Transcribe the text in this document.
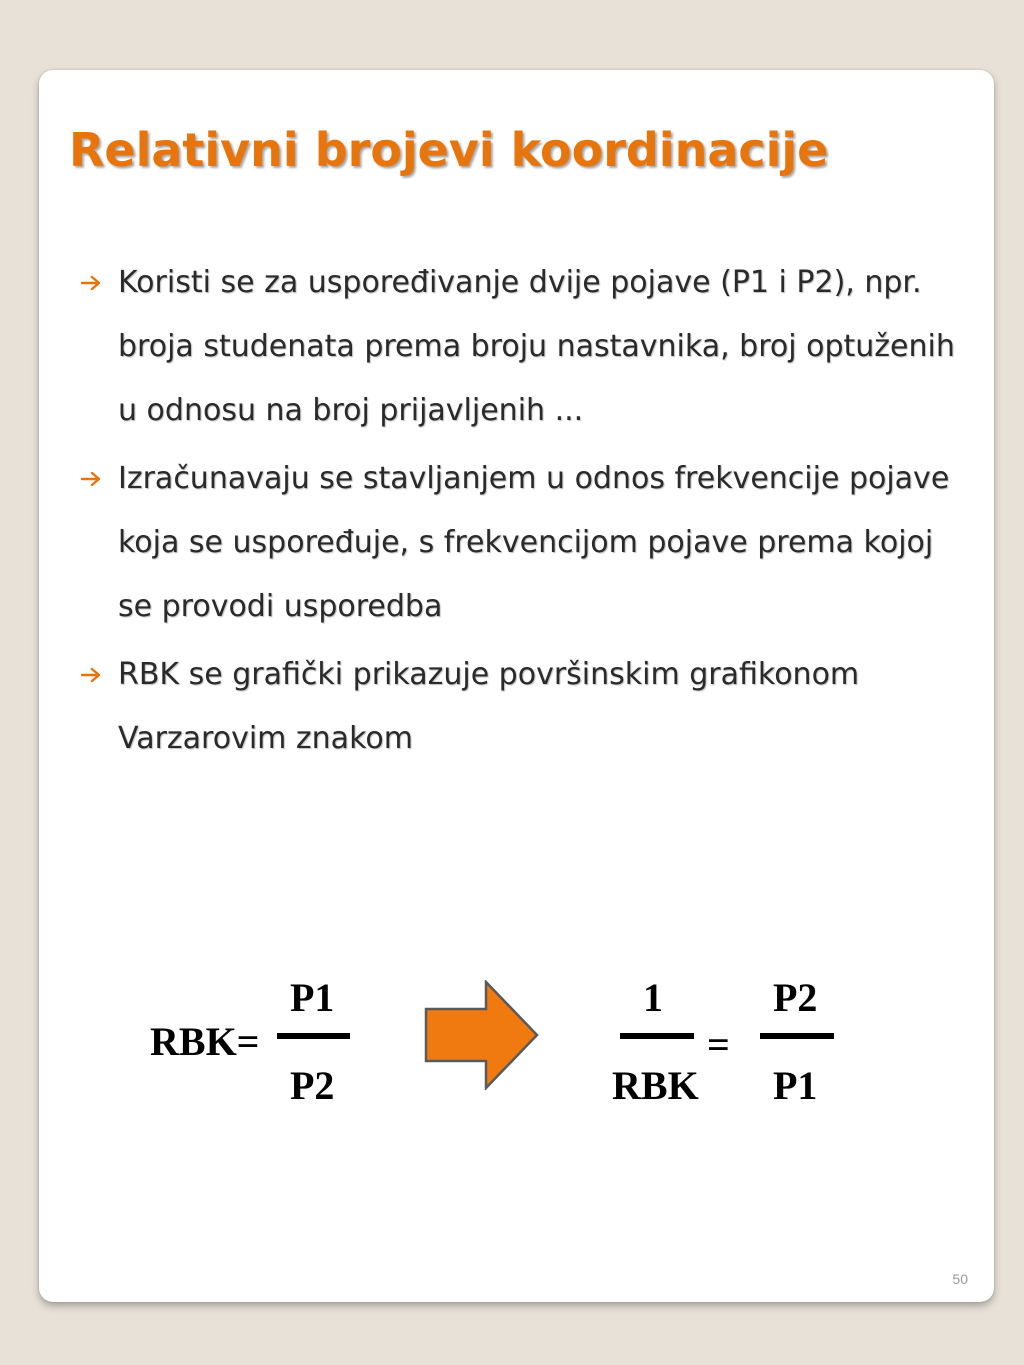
Relativni brojevi koordinacije
Koristi se za uspoređivanje dvije pojave (P1 i P2), npr. broja studenata prema broju nastavnika, broj optuženih u odnosu na broj prijavljenih ...
Izračunavaju se stavljanjem u odnos frekvencije pojave koja se uspoređuje, s frekvencijom pojave prema kojoj se provodi usporedba
RBK se grafički prikazuje površinskim grafikonom Varzarovim znakom
RBK=
P1
P2
1
RBK
=
P2
P1
50
